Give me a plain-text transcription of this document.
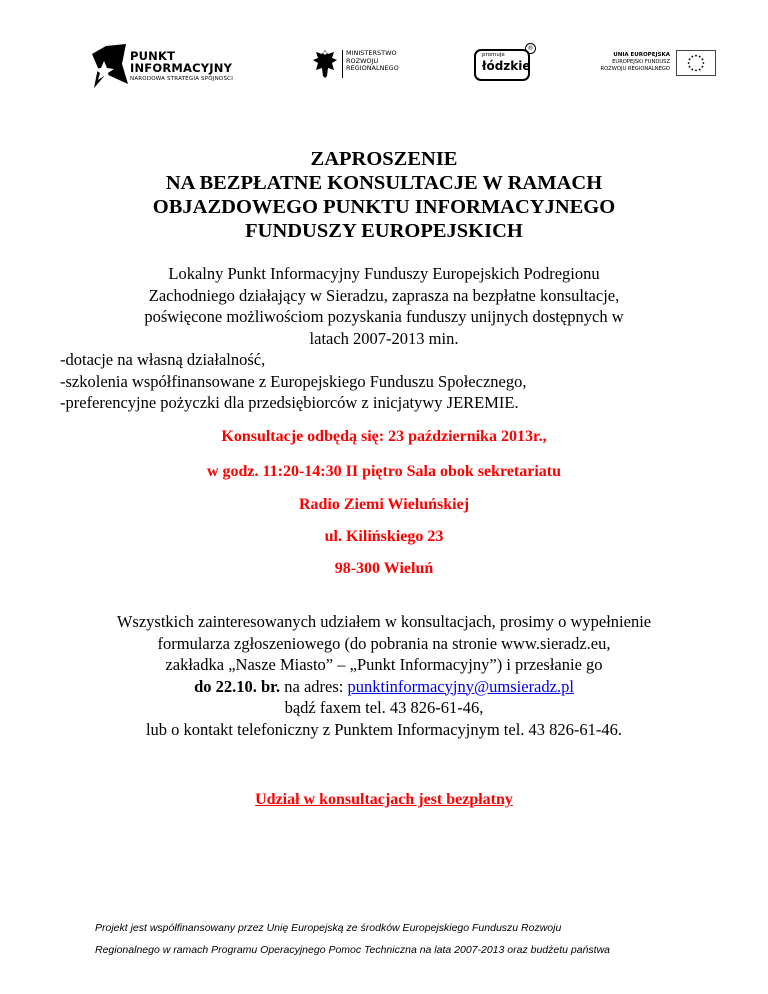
PUNKT
INFORMACYJNY
NARODOWA STRATEGIA SPÓJNOŚCI
MINISTERSTWO
ROZWOJU
REGIONALNEGO
promuje
łódzkie
®
UNIA EUROPEJSKA
EUROPEJSKI FUNDUSZ
ROZWOJU REGIONALNEGO
ZAPROSZENIE
NA BEZPŁATNE KONSULTACJE W RAMACH
OBJAZDOWEGO PUNKTU INFORMACYJNEGO
FUNDUSZY EUROPEJSKICH
Lokalny Punkt Informacyjny Funduszy Europejskich Podregionu
Zachodniego działający w Sieradzu, zaprasza na bezpłatne konsultacje,
poświęcone możliwościom pozyskania funduszy unijnych dostępnych w
latach 2007-2013 min.
-dotacje na własną działalność,
-szkolenia współfinansowane z Europejskiego Funduszu Społecznego,
-preferencyjne pożyczki dla przedsiębiorców z inicjatywy JEREMIE.
Konsultacje odbędą się: 23 października 2013r.,
w godz. 11:20-14:30 II piętro Sala obok sekretariatu
Radio Ziemi Wieluńskiej
ul. Kilińskiego 23
98-300 Wieluń
Wszystkich zainteresowanych udziałem w konsultacjach, prosimy o wypełnienie
formularza zgłoszeniowego (do pobrania na stronie www.sieradz.eu,
zakładka „Nasze Miasto” – „Punkt Informacyjny”) i przesłanie go
do 22.10. br. na adres: punktinformacyjny@umsieradz.pl
bądź faxem tel. 43 826-61-46,
lub o kontakt telefoniczny z Punktem Informacyjnym tel. 43 826-61-46.
Udział w konsultacjach jest bezpłatny
Projekt jest współfinansowany przez Unię Europejską ze środków Europejskiego Funduszu Rozwoju
Regionalnego w ramach Programu Operacyjnego Pomoc Techniczna na lata 2007-2013 oraz budżetu państwa
